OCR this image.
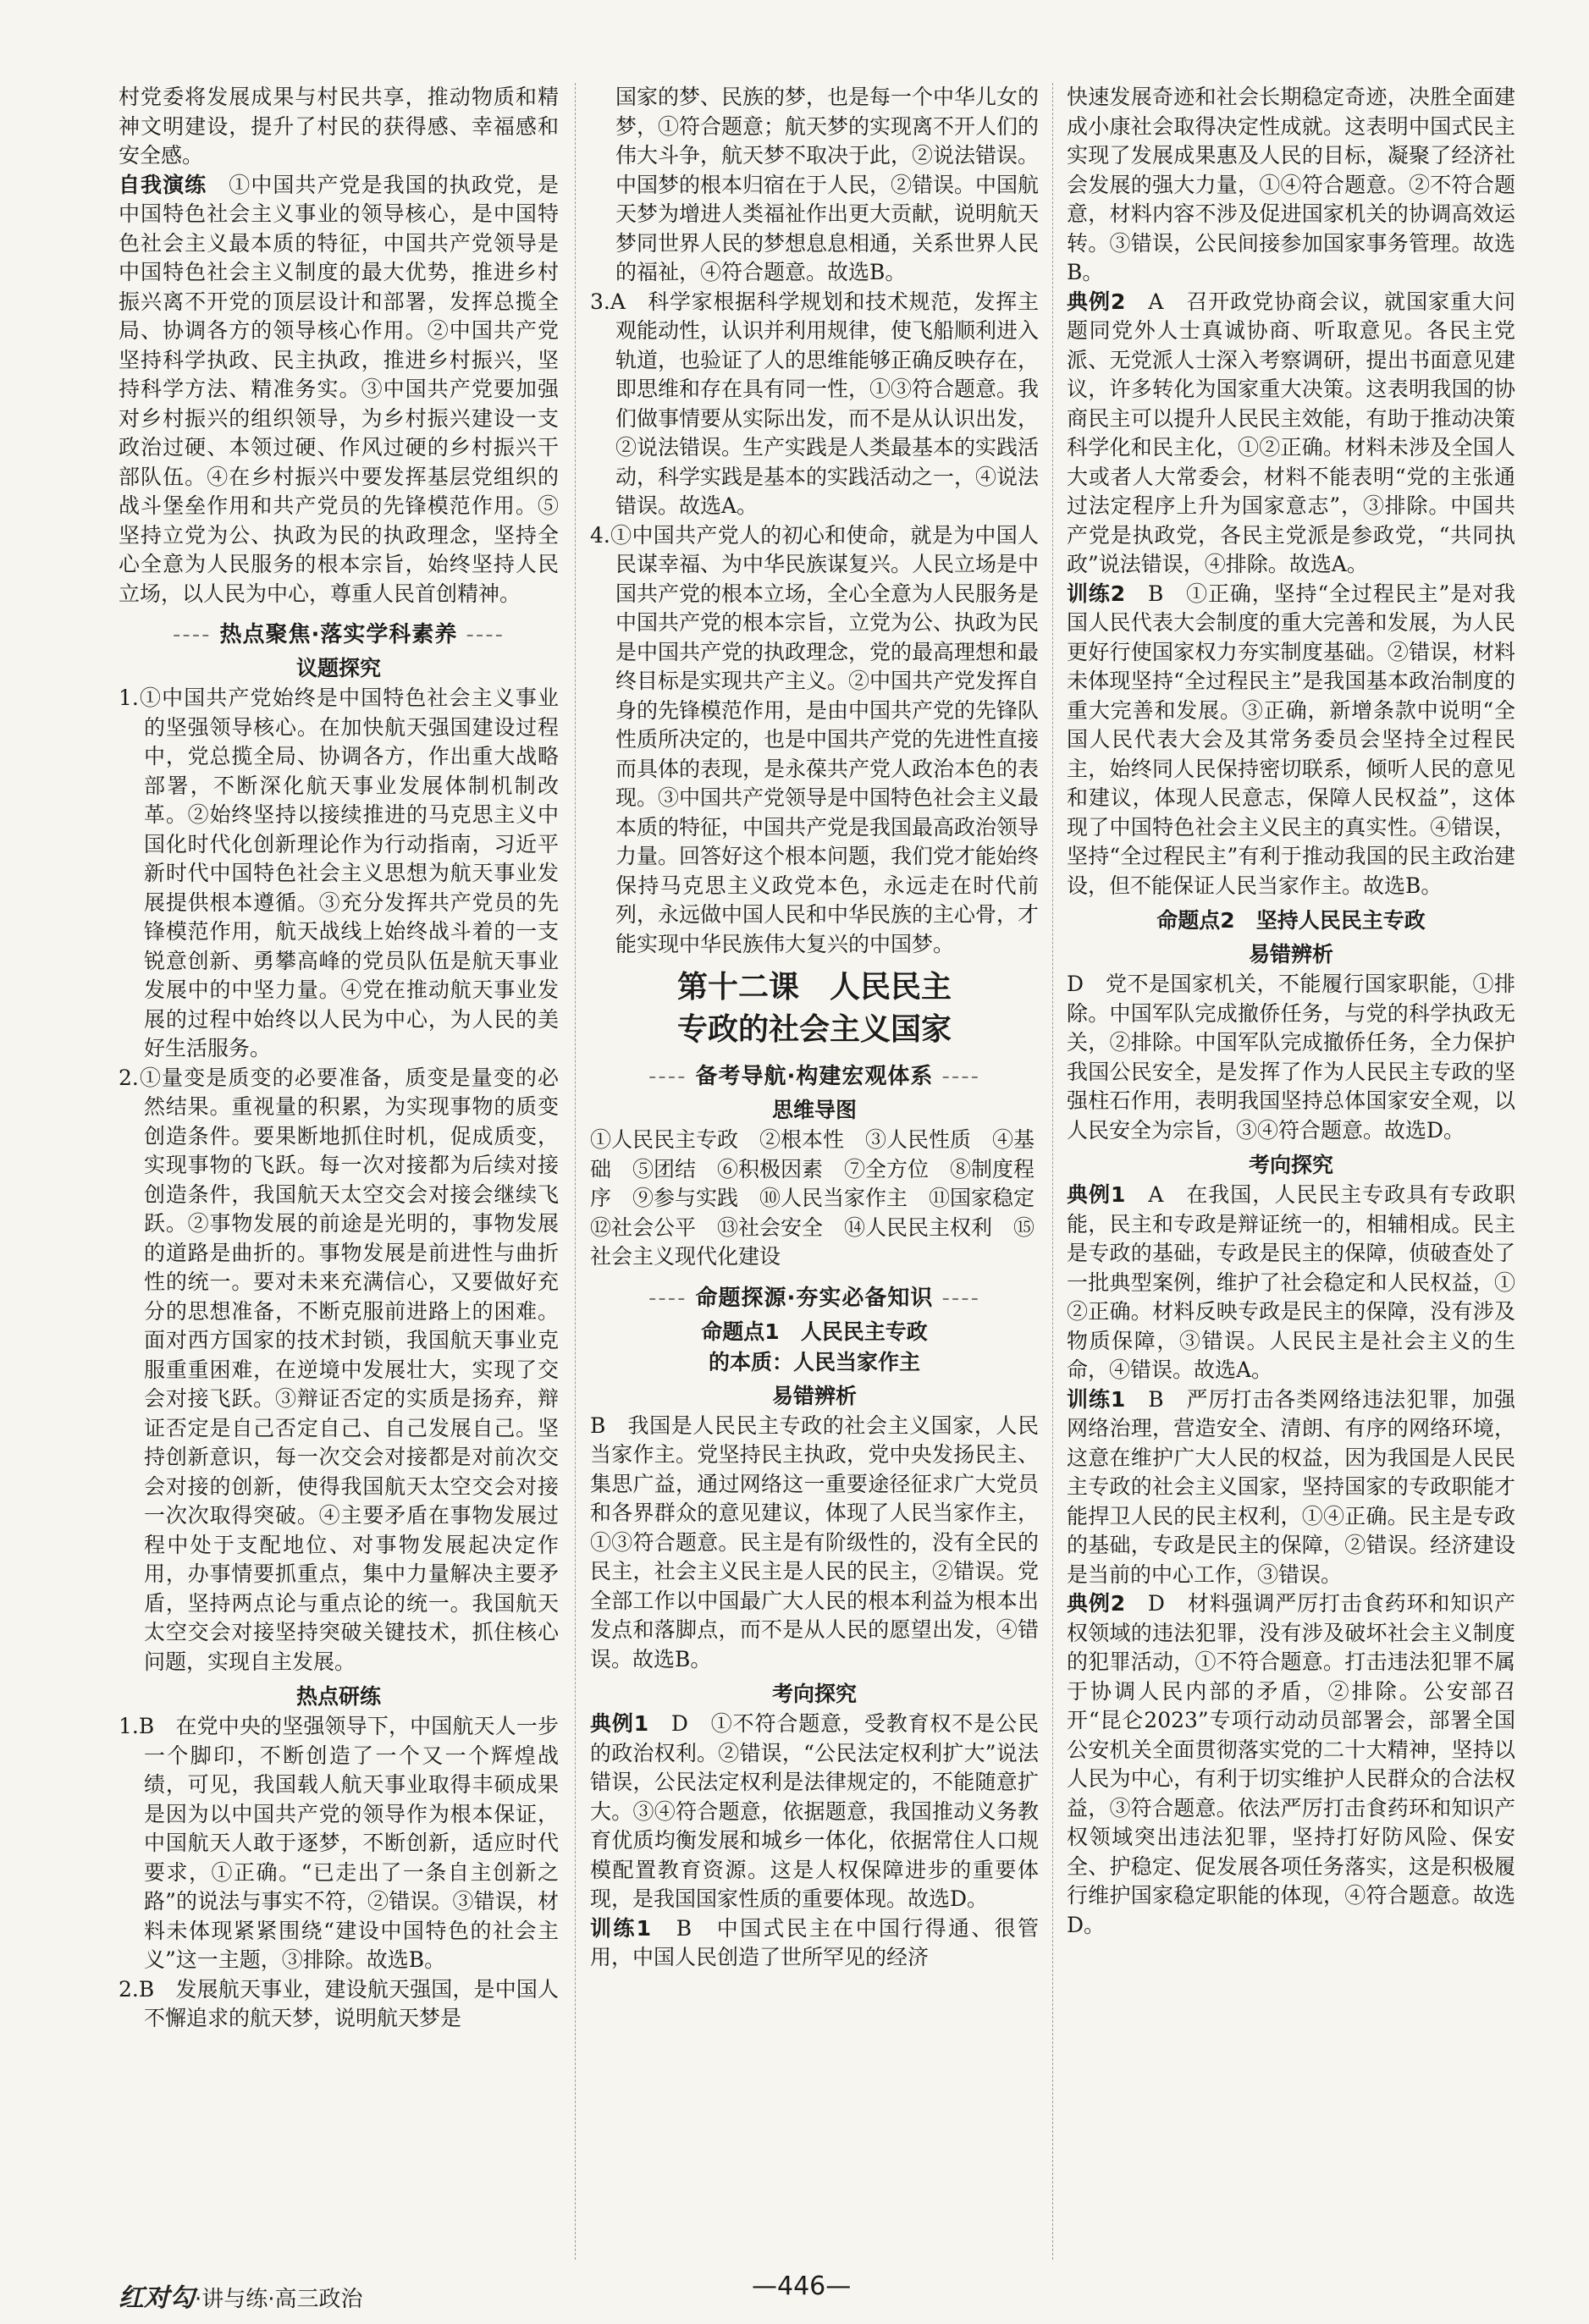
村党委将发展成果与村民共享，推动物质和精神文明建设，提升了村民的获得感、幸福感和安全感。

自我演练　 ①中国共产党是我国的执政党，是中国特色社会主义事业的领导核心，是中国特色社会主义最本质的特征，中国共产党领导是中国特色社会主义制度的最大优势，推进乡村振兴离不开党的顶层设计和部署，发挥总揽全局、协调各方的领导核心作用。②中国共产党坚持科学执政、民主执政，推进乡村振兴，坚持科学方法、精准务实。③中国共产党要加强对乡村振兴的组织领导，为乡村振兴建设一支政治过硬、本领过硬、作风过硬的乡村振兴干部队伍。④在乡村振兴中要发挥基层党组织的战斗堡垒作用和共产党员的先锋模范作用。⑤坚持立党为公、执政为民的执政理念，坚持全心全意为人民服务的根本宗旨，始终坚持人民立场，以人民为中心，尊重人民首创精神。

---- 热点聚焦·落实学科素养 ----
议题探究

1.①中国共产党始终是中国特色社会主义事业的坚强领导核心。在加快航天强国建设过程中，党总揽全局、协调各方，作出重大战略部署，不断深化航天事业发展体制机制改革。②始终坚持以接续推进的马克思主义中国化时代化创新理论作为行动指南，习近平新时代中国特色社会主义思想为航天事业发展提供根本遵循。③充分发挥共产党员的先锋模范作用，航天战线上始终战斗着的一支锐意创新、勇攀高峰的党员队伍是航天事业发展中的中坚力量。④党在推动航天事业发展的过程中始终以人民为中心，为人民的美好生活服务。

2.①量变是质变的必要准备，质变是量变的必然结果。重视量的积累，为实现事物的质变创造条件。要果断地抓住时机，促成质变，实现事物的飞跃。每一次对接都为后续对接创造条件，我国航天太空交会对接会继续飞跃。②事物发展的前途是光明的，事物发展的道路是曲折的。事物发展是前进性与曲折性的统一。要对未来充满信心，又要做好充分的思想准备，不断克服前进路上的困难。面对西方国家的技术封锁，我国航天事业克服重重困难，在逆境中发展壮大，实现了交会对接飞跃。③辩证否定的实质是扬弃，辩证否定是自己否定自己、自己发展自己。坚持创新意识，每一次交会对接都是对前次交会对接的创新，使得我国航天太空交会对接一次次取得突破。④主要矛盾在事物发展过程中处于支配地位、对事物发展起决定作用，办事情要抓重点，集中力量解决主要矛盾，坚持两点论与重点论的统一。我国航天太空交会对接坚持突破关键技术，抓住核心问题，实现自主发展。

热点研练

1.B　在党中央的坚强领导下，中国航天人一步一个脚印，不断创造了一个又一个辉煌战绩，可见，我国载人航天事业取得丰硕成果是因为以中国共产党的领导作为根本保证，中国航天人敢于逐梦，不断创新，适应时代要求，①正确。“已走出了一条自主创新之路”的说法与事实不符，②错误。③错误，材料未体现紧紧围绕“建设中国特色的社会主义”这一主题，③排除。故选B。

2.B　发展航天事业，建设航天强国，是中国人不懈追求的航天梦，说明航天梦是

国家的梦、民族的梦，也是每一个中华儿女的梦，①符合题意；航天梦的实现离不开人们的伟大斗争，航天梦不取决于此，②说法错误。中国梦的根本归宿在于人民，②错误。中国航天梦为增进人类福祉作出更大贡献，说明航天梦同世界人民的梦想息息相通，关系世界人民的福祉，④符合题意。故选B。

3.A　科学家根据科学规划和技术规范，发挥主观能动性，认识并利用规律，使飞船顺利进入轨道，也验证了人的思维能够正确反映存在，即思维和存在具有同一性，①③符合题意。我们做事情要从实际出发，而不是从认识出发，②说法错误。生产实践是人类最基本的实践活动，科学实践是基本的实践活动之一，④说法错误。故选A。

4.①中国共产党人的初心和使命，就是为中国人民谋幸福、为中华民族谋复兴。人民立场是中国共产党的根本立场，全心全意为人民服务是中国共产党的根本宗旨，立党为公、执政为民是中国共产党的执政理念，党的最高理想和最终目标是实现共产主义。②中国共产党发挥自身的先锋模范作用，是由中国共产党的先锋队性质所决定的，也是中国共产党的先进性直接而具体的表现，是永葆共产党人政治本色的表现。③中国共产党领导是中国特色社会主义最本质的特征，中国共产党是我国最高政治领导力量。回答好这个根本问题，我们党才能始终保持马克思主义政党本色，永远走在时代前列，永远做中国人民和中华民族的主心骨，才能实现中华民族伟大复兴的中国梦。

第十二课　人民民主
专政的社会主义国家
---- 备考导航·构建宏观体系 ----
思维导图

①人民民主专政　②根本性　③人民性质　④基础　⑤团结　⑥积极因素　⑦全方位　⑧制度程序　⑨参与实践　⑩人民当家作主　⑪国家稳定　⑫社会公平　⑬社会安全　⑭人民民主权利　⑮社会主义现代化建设

---- 命题探源·夯实必备知识 ----
命题点1　人民民主专政
的本质：人民当家作主
易错辨析

B　我国是人民民主专政的社会主义国家，人民当家作主。党坚持民主执政，党中央发扬民主、集思广益，通过网络这一重要途径征求广大党员和各界群众的意见建议，体现了人民当家作主，①③符合题意。民主是有阶级性的，没有全民的民主，社会主义民主是人民的民主，②错误。党全部工作以中国最广大人民的根本利益为根本出发点和落脚点，而不是从人民的愿望出发，④错误。故选B。

考向探究

典例1　 D　①不符合题意，受教育权不是公民的政治权利。②错误，“公民法定权利扩大”说法错误，公民法定权利是法律规定的，不能随意扩大。③④符合题意，依据题意，我国推动义务教育优质均衡发展和城乡一体化，依据常住人口规模配置教育资源。这是人权保障进步的重要体现，是我国国家性质的重要体现。故选D。

训练1　 B　中国式民主在中国行得通、很管用，中国人民创造了世所罕见的经济

快速发展奇迹和社会长期稳定奇迹，决胜全面建成小康社会取得决定性成就。这表明中国式民主实现了发展成果惠及人民的目标，凝聚了经济社会发展的强大力量，①④符合题意。②不符合题意，材料内容不涉及促进国家机关的协调高效运转。③错误，公民间接参加国家事务管理。故选B。

典例2　 A　召开政党协商会议，就国家重大问题同党外人士真诚协商、听取意见。各民主党派、无党派人士深入考察调研，提出书面意见建议，许多转化为国家重大决策。这表明我国的协商民主可以提升人民民主效能，有助于推动决策科学化和民主化，①②正确。材料未涉及全国人大或者人大常委会，材料不能表明“党的主张通过法定程序上升为国家意志”，③排除。中国共产党是执政党，各民主党派是参政党，“共同执政”说法错误，④排除。故选A。

训练2　 B　①正确，坚持“全过程民主”是对我国人民代表大会制度的重大完善和发展，为人民更好行使国家权力夯实制度基础。②错误，材料未体现坚持“全过程民主”是我国基本政治制度的重大完善和发展。③正确，新增条款中说明“全国人民代表大会及其常务委员会坚持全过程民主，始终同人民保持密切联系，倾听人民的意见和建议，体现人民意志，保障人民权益”，这体现了中国特色社会主义民主的真实性。④错误，坚持“全过程民主”有利于推动我国的民主政治建设，但不能保证人民当家作主。故选B。

命题点2　坚持人民民主专政
易错辨析

D　党不是国家机关，不能履行国家职能，①排除。中国军队完成撤侨任务，与党的科学执政无关，②排除。中国军队完成撤侨任务，全力保护我国公民安全，是发挥了作为人民民主专政的坚强柱石作用，表明我国坚持总体国家安全观，以人民安全为宗旨，③④符合题意。故选D。

考向探究

典例1　 A　在我国，人民民主专政具有专政职能，民主和专政是辩证统一的，相辅相成。民主是专政的基础，专政是民主的保障，侦破查处了一批典型案例，维护了社会稳定和人民权益，①②正确。材料反映专政是民主的保障，没有涉及物质保障，③错误。人民民主是社会主义的生命，④错误。故选A。

训练1　 B　严厉打击各类网络违法犯罪，加强网络治理，营造安全、清朗、有序的网络环境，这意在维护广大人民的权益，因为我国是人民民主专政的社会主义国家，坚持国家的专政职能才能捍卫人民的民主权利，①④正确。民主是专政的基础，专政是民主的保障，②错误。经济建设是当前的中心工作，③错误。

典例2　 D　材料强调严厉打击食药环和知识产权领域的违法犯罪，没有涉及破坏社会主义制度的犯罪活动，①不符合题意。打击违法犯罪不属于协调人民内部的矛盾，②排除。公安部召开“昆仑2023”专项行动动员部署会，部署全国公安机关全面贯彻落实党的二十大精神，坚持以人民为中心，有利于切实维护人民群众的合法权益，③符合题意。依法严厉打击食药环和知识产权领域突出违法犯罪，坚持打好防风险、保安全、护稳定、促发展各项任务落实，这是积极履行维护国家稳定职能的体现，④符合题意。故选D。

红对勾·讲与练·高三政治	—446—
